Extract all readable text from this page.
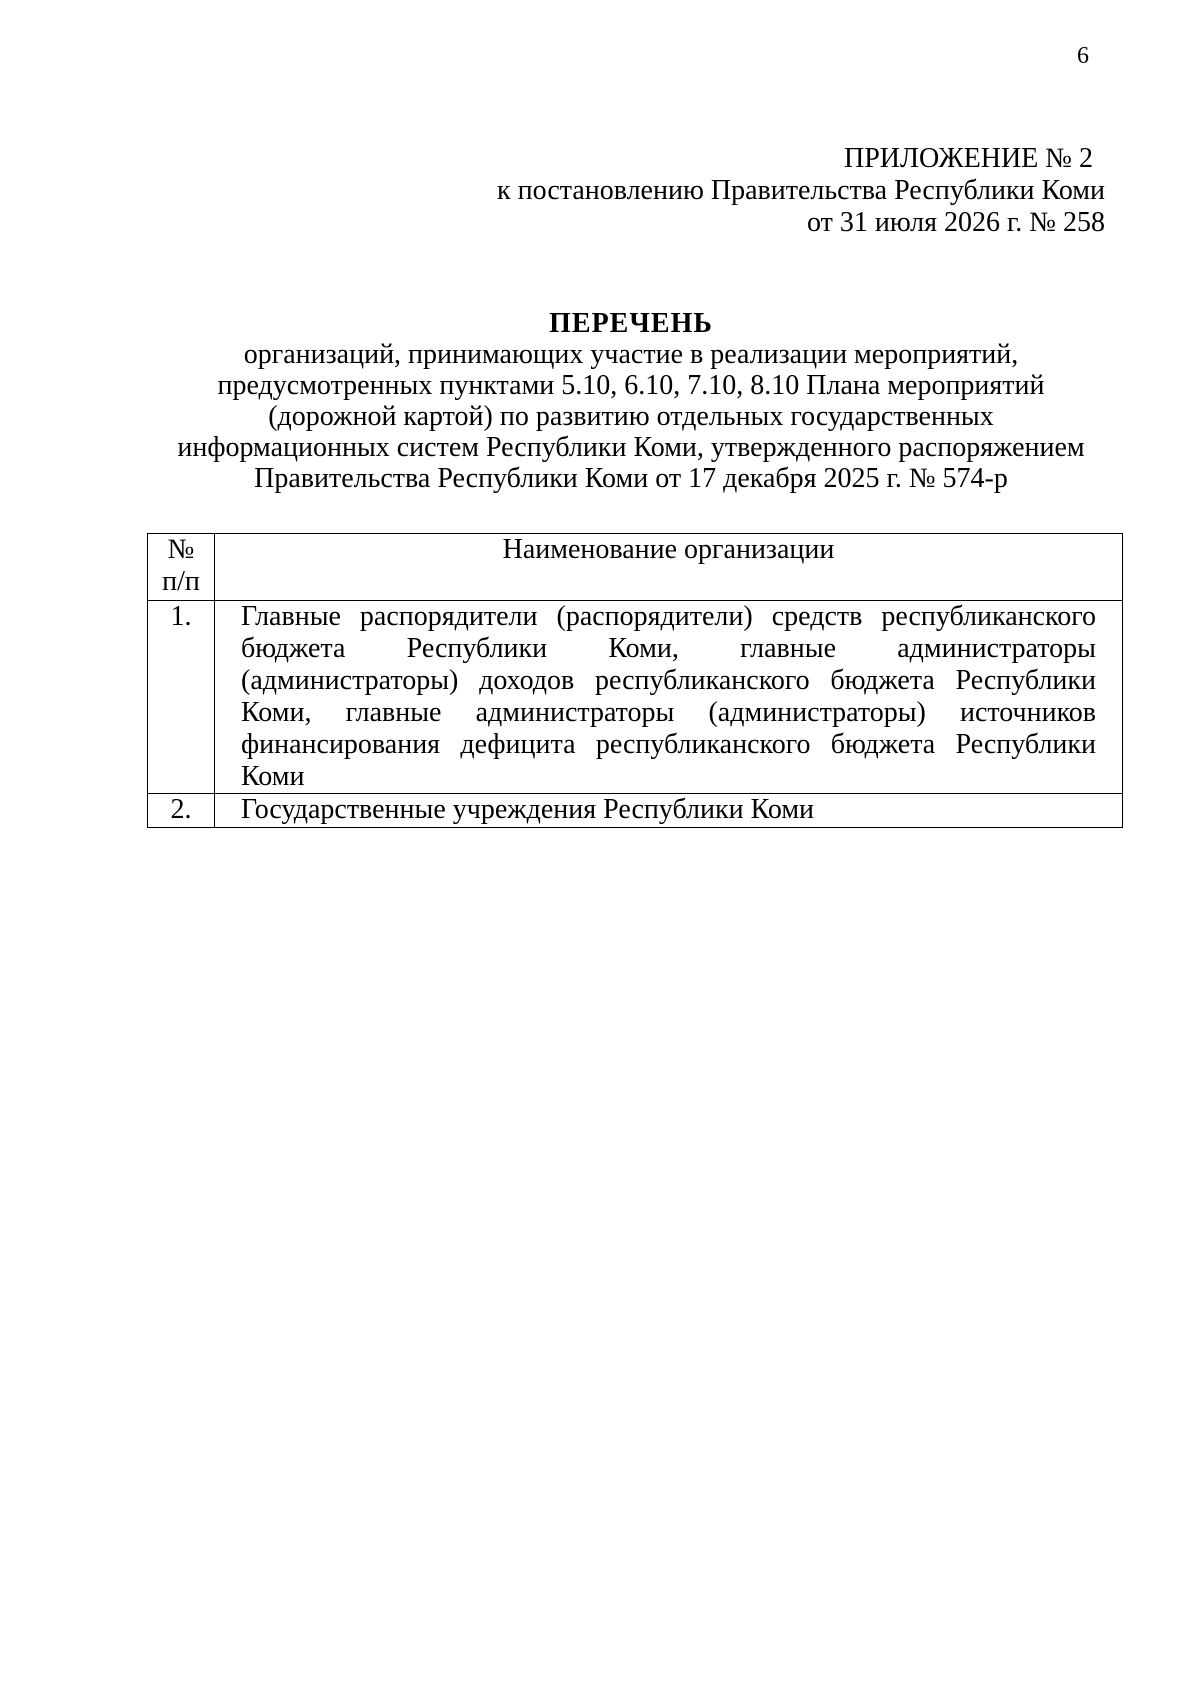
6
ПРИЛОЖЕНИЕ № 2
к постановлению Правительства Республики Коми
от 31 июля 2026 г. № 258
ПЕРЕЧЕНЬ
организаций, принимающих участие в реализации мероприятий,
предусмотренных пунктами 5.10, 6.10, 7.10, 8.10 Плана мероприятий
(дорожной картой) по развитию отдельных государственных
информационных систем Республики Коми, утвержденного распоряжением
Правительства Республики Коми от 17 декабря 2025 г. № 574-р
№
п/п	Наименование организации
1.	Главные распорядители (распорядители) средств республиканского бюджета Республики Коми, главные администраторы (администраторы) доходов республиканского бюджета Республики Коми, главные администраторы (администраторы) источников финансирования дефицита республиканского бюджета Республики Коми
2.	Государственные учреждения Республики Коми
